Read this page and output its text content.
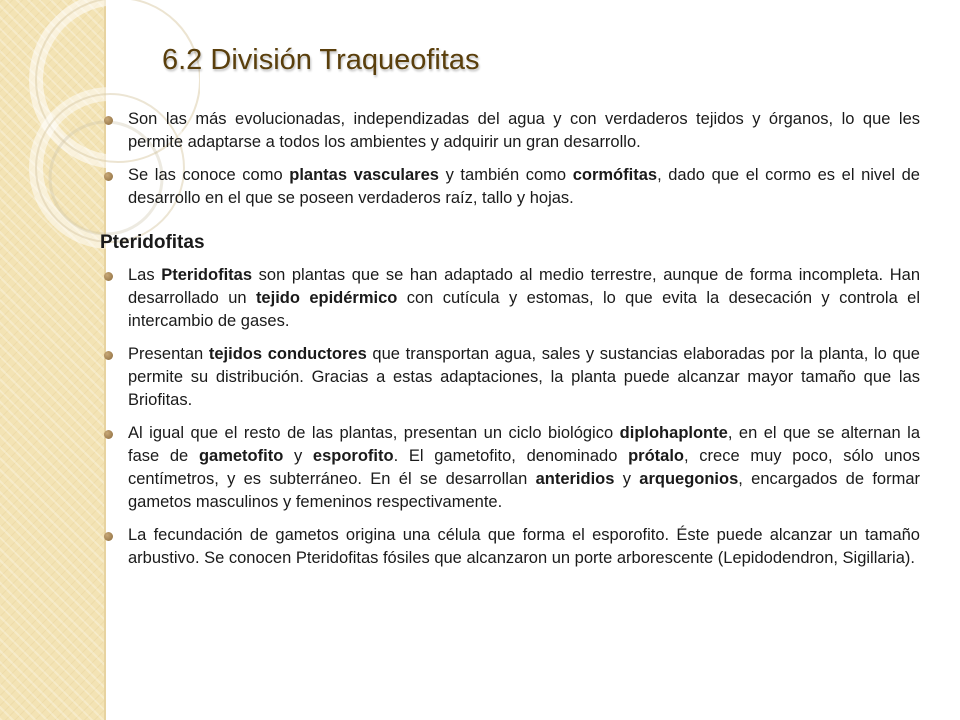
6.2 División Traqueofitas
Son las más evolucionadas, independizadas del agua y con verdaderos tejidos y órganos, lo que les permite adaptarse a todos los ambientes y adquirir un gran desarrollo.
Se las conoce como plantas vasculares y también como cormófitas, dado que el cormo es el nivel de desarrollo en el que se poseen verdaderos raíz, tallo y hojas.
Pteridofitas
Las Pteridofitas son plantas que se han adaptado al medio terrestre, aunque de forma incompleta. Han desarrollado un tejido epidérmico con cutícula y estomas, lo que evita la desecación y controla el intercambio de gases.
Presentan tejidos conductores que transportan agua, sales y sustancias elaboradas por la planta, lo que permite su distribución. Gracias a estas adaptaciones, la planta puede alcanzar mayor tamaño que las Briofitas.
Al igual que el resto de las plantas, presentan un ciclo biológico diplohaplonte, en el que se alternan la fase de gametofito y esporofito. El gametofito, denominado prótalo, crece muy poco, sólo unos centímetros, y es subterráneo. En él se desarrollan anteridios y arquegonios, encargados de formar gametos masculinos y femeninos respectivamente.
La fecundación de gametos origina una célula que forma el esporofito. Éste puede alcanzar un tamaño arbustivo. Se conocen Pteridofitas fósiles que alcanzaron un porte arborescente (Lepidodendron, Sigillaria).
